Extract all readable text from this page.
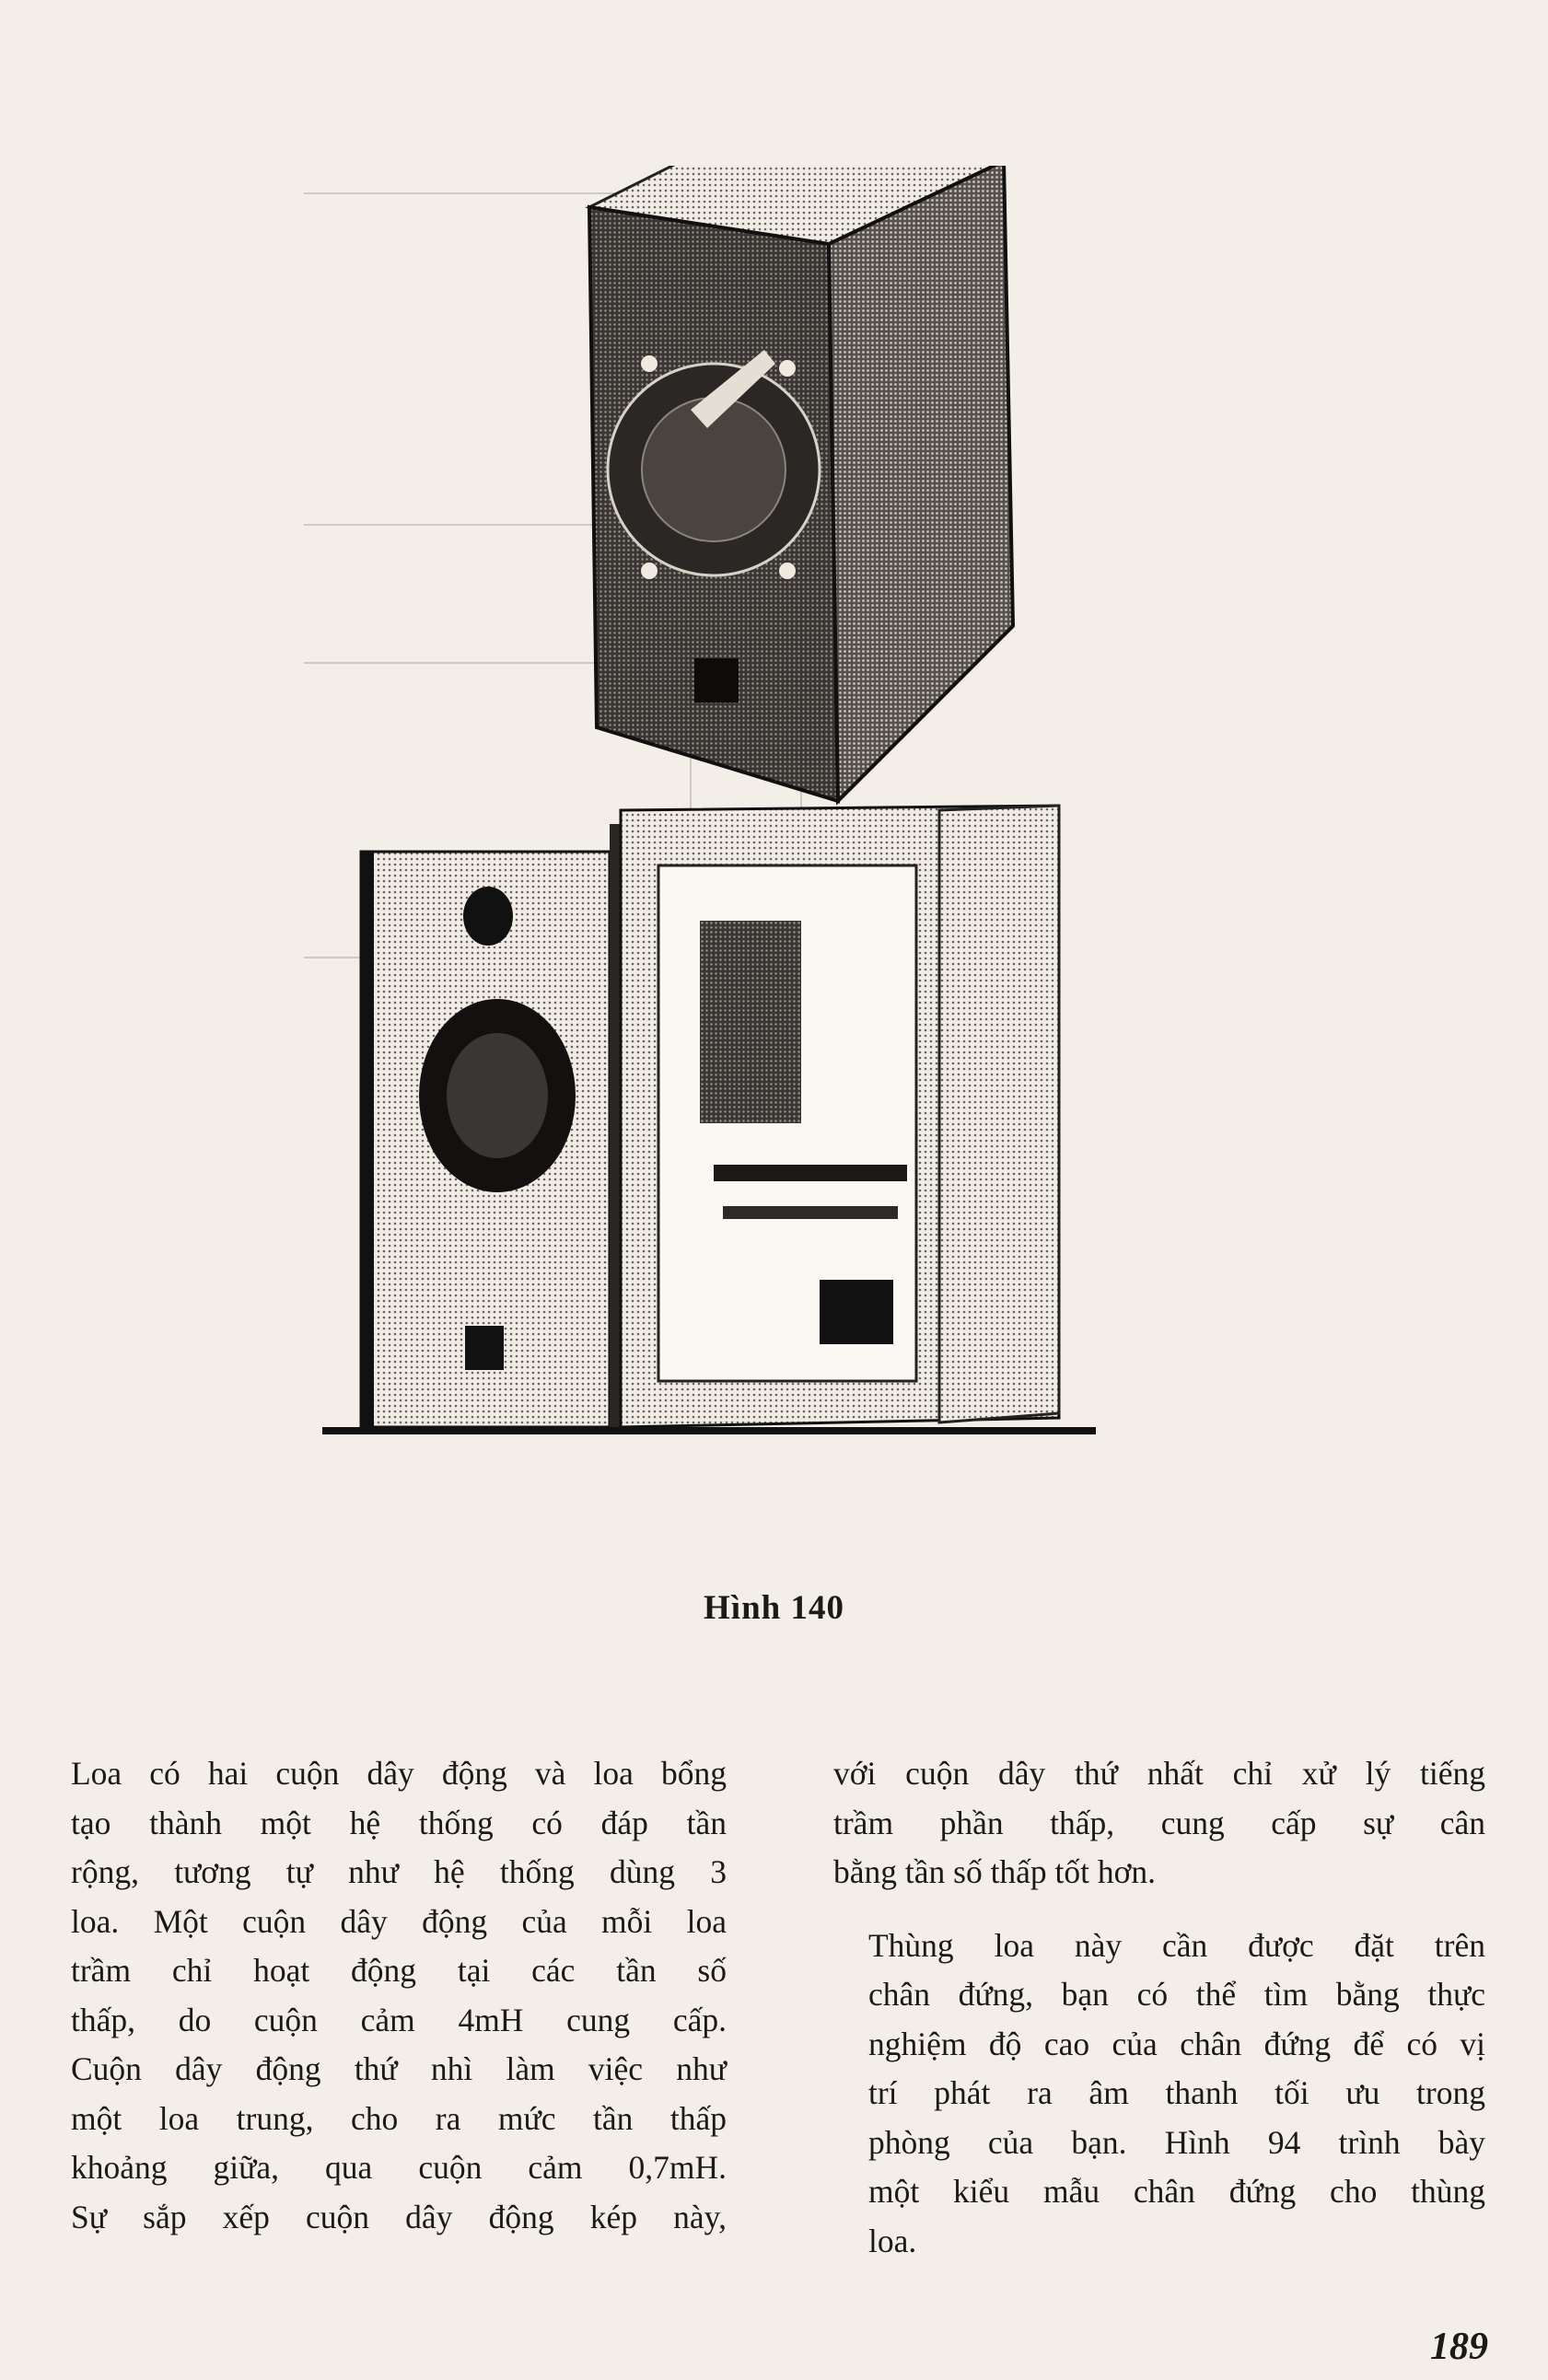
Hình 140

Loa có hai cuộn dây động và loa bổng
tạo thành một hệ thống có đáp tần
rộng, tương tự như hệ thống dùng 3
loa. Một cuộn dây động của mỗi loa
trầm chỉ hoạt động tại các tần số
thấp, do cuộn cảm 4mH cung cấp.
Cuộn dây động thứ nhì làm việc như
một loa trung, cho ra mức tần thấp
khoảng giữa, qua cuộn cảm 0,7mH.
Sự sắp xếp cuộn dây động kép này,

với cuộn dây thứ nhất chỉ xử lý tiếng
trầm phần thấp, cung cấp sự cân
bằng tần số thấp tốt hơn.

Thùng loa này cần được đặt trên
chân đứng, bạn có thể tìm bằng thực
nghiệm độ cao của chân đứng để có vị
trí phát ra âm thanh tối ưu trong
phòng của bạn. Hình 94 trình bày
một kiểu mẫu chân đứng cho thùng
loa.

189
